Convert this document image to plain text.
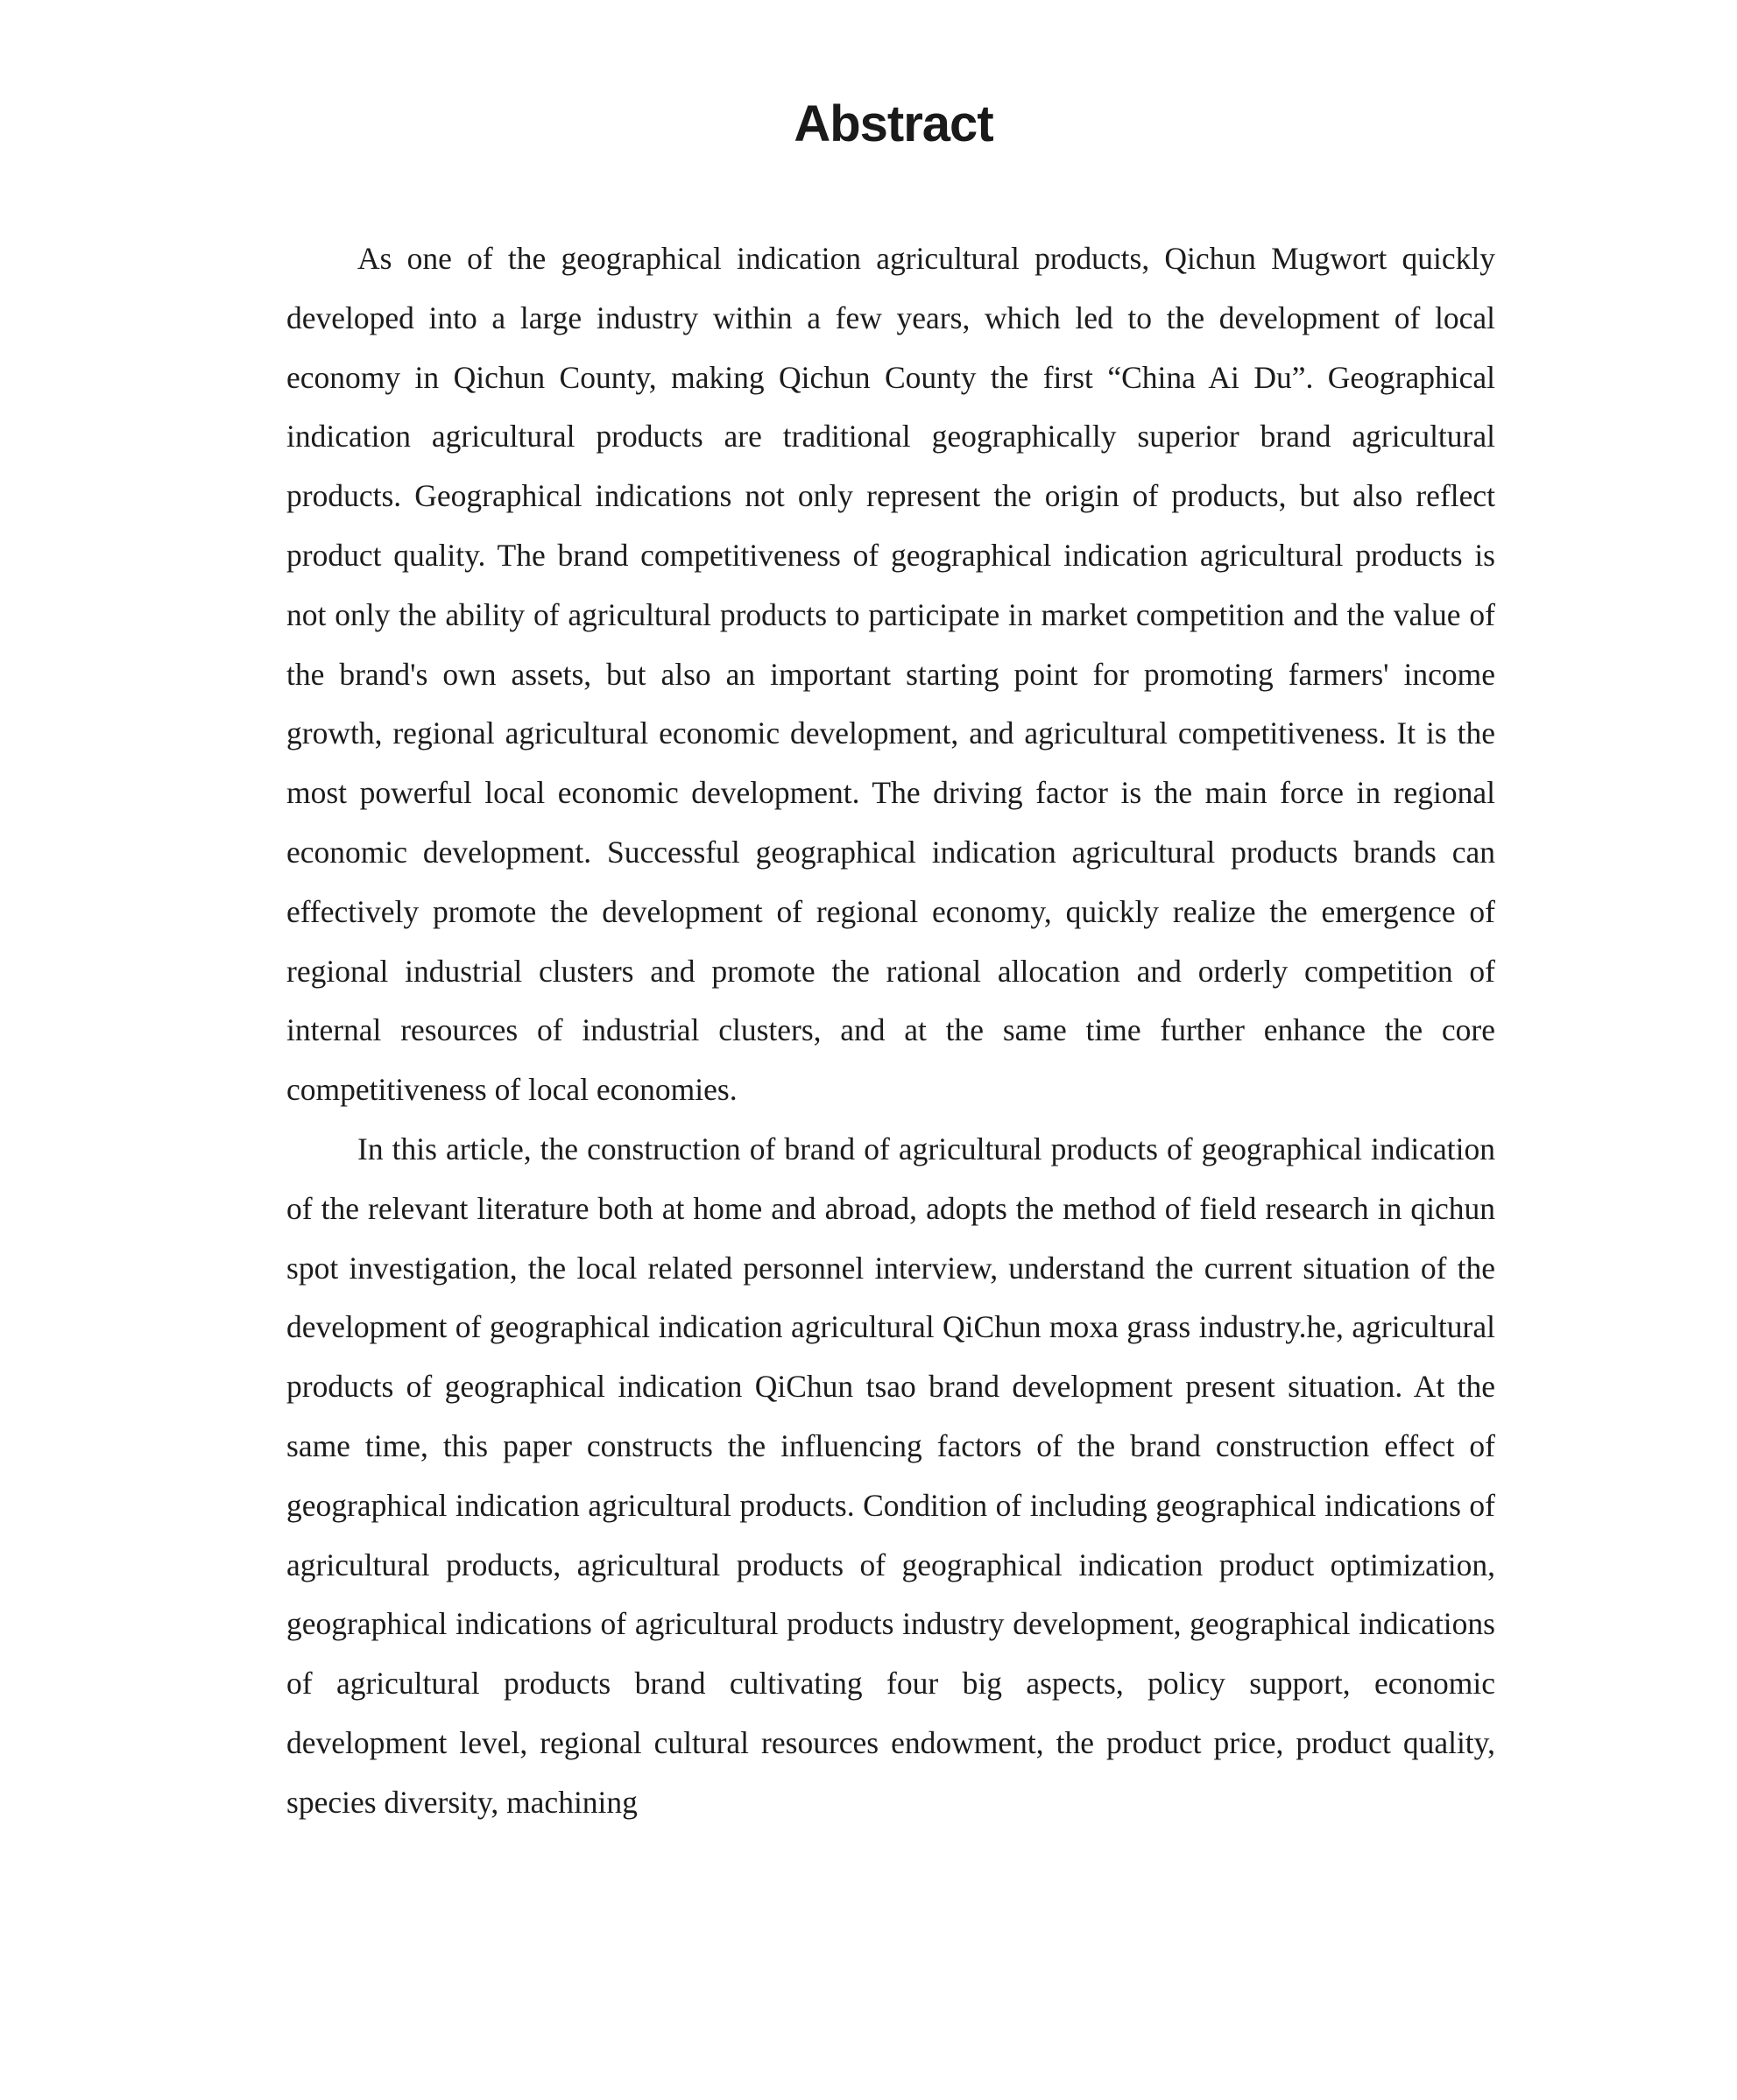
Abstract

As one of the geographical indication agricultural products, Qichun Mugwort quickly developed into a large industry within a few years, which led to the development of local economy in Qichun County, making Qichun County the first “China Ai Du”. Geographical indication agricultural products are traditional geographically superior brand agricultural products. Geographical indications not only represent the origin of products, but also reflect product quality. The brand competitiveness of geographical indication agricultural products is not only the ability of agricultural products to participate in market competition and the value of the brand's own assets, but also an important starting point for promoting farmers' income growth, regional agricultural economic development, and agricultural competitiveness. It is the most powerful local economic development. The driving factor is the main force in regional economic development. Successful geographical indication agricultural products brands can effectively promote the development of regional economy, quickly realize the emergence of regional industrial clusters and promote the rational allocation and orderly competition of internal resources of industrial clusters, and at the same time further enhance the core competitiveness of local economies.

In this article, the construction of brand of agricultural products of geographical indication of the relevant literature both at home and abroad, adopts the method of field research in qichun spot investigation, the local related personnel interview, understand the current situation of the development of geographical indication agricultural QiChun moxa grass industry.he, agricultural products of geographical indication QiChun tsao brand development present situation. At the same time, this paper constructs the influencing factors of the brand construction effect of geographical indication agricultural products. Condition of including geographical indications of agricultural products, agricultural products of geographical indication product optimization, geographical indications of agricultural products industry development, geographical indications of agricultural products brand cultivating four big aspects, policy support, economic development level, regional cultural resources endowment, the product price, product quality, species diversity, machining
